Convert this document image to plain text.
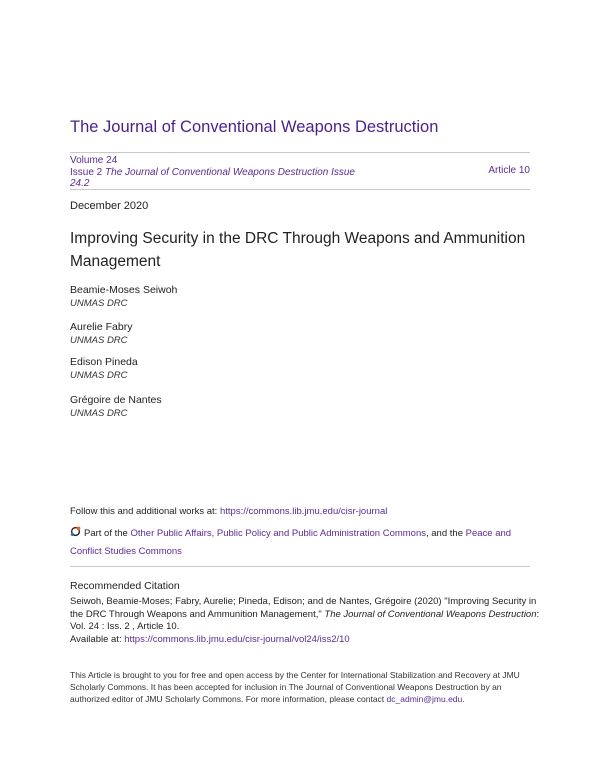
The Journal of Conventional Weapons Destruction
Volume 24
Issue 2 The Journal of Conventional Weapons Destruction Issue 24.2
Article 10
December 2020
Improving Security in the DRC Through Weapons and Ammunition Management
Beamie-Moses Seiwoh
UNMAS DRC
Aurelie Fabry
UNMAS DRC
Edison Pineda
UNMAS DRC
Grégoire de Nantes
UNMAS DRC
Follow this and additional works at: https://commons.lib.jmu.edu/cisr-journal
Part of the Other Public Affairs, Public Policy and Public Administration Commons, and the Peace and Conflict Studies Commons
Recommended Citation
Seiwoh, Beamie-Moses; Fabry, Aurelie; Pineda, Edison; and de Nantes, Grégoire (2020) "Improving Security in the DRC Through Weapons and Ammunition Management," The Journal of Conventional Weapons Destruction: Vol. 24 : Iss. 2 , Article 10.
Available at: https://commons.lib.jmu.edu/cisr-journal/vol24/iss2/10
This Article is brought to you for free and open access by the Center for International Stabilization and Recovery at JMU Scholarly Commons. It has been accepted for inclusion in The Journal of Conventional Weapons Destruction by an authorized editor of JMU Scholarly Commons. For more information, please contact dc_admin@jmu.edu.
